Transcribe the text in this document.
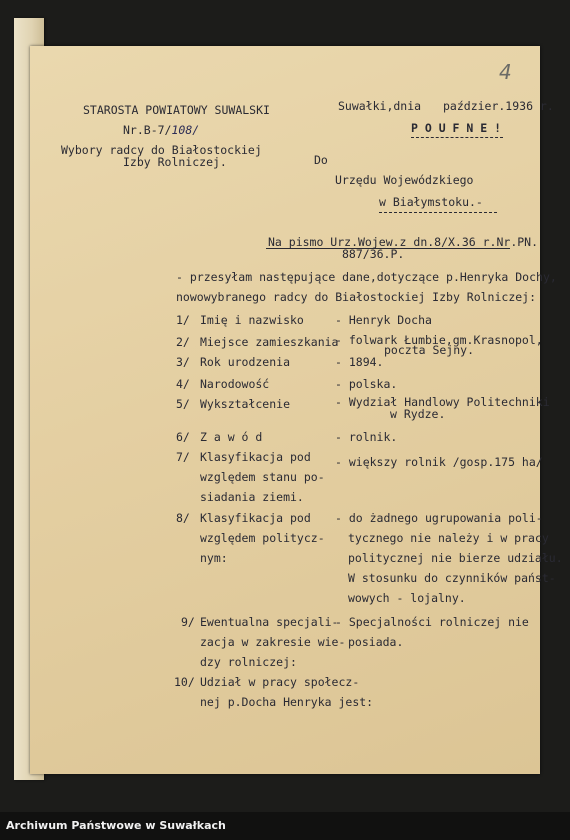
STAROSTA POWIATOWY SUWALSKI
Nr.B-7/108/
Wybory radcy do Białostockiej
Izby Rolniczej.
Suwałki,dnia paździer.1936 r.
4
P O U F N E !
Do
Urzędu Wojewódzkiego
w Białymstoku.-
Na pismo Urz.Wojew.z dn.8/X.36 r.Nr.PN.
887/36.P.
- przesyłam następujące dane,dotyczące p.Henryka Dochy,
nowowybranego radcy do Białostockiej Izby Rolniczej:
1/ Imię i nazwisko	- Henryk Docha
2/ Miejsce zamieszkania
- folwark Łumbie,gm.Krasnopol,
poczta Sejny.
3/ Rok urodzenia	- 1894.
4/ Narodowość	- polska.
5/ Wykształcenie	- Wydział Handlowy Politechniki
w Rydze.
6/ Z a w ó d	- rolnik.
7/ Klasyfikacja pod
względem stanu po-
siadania ziemi.
- większy rolnik /gosp.175 ha/
8/ Klasyfikacja pod
względem politycz-
nym:
- do żadnego ugrupowania poli-
tycznego nie należy i w pracy
politycznej nie bierze udziału.
W stosunku do czynników państ-
wowych - lojalny.
9/ Ewentualna specjali-
zacja w zakresie wie-
dzy rolniczej:
- Specjalności rolniczej nie
posiada.
10/ Udział w pracy społecz-
nej p.Docha Henryka jest:
Archiwum Państwowe w Suwałkach
